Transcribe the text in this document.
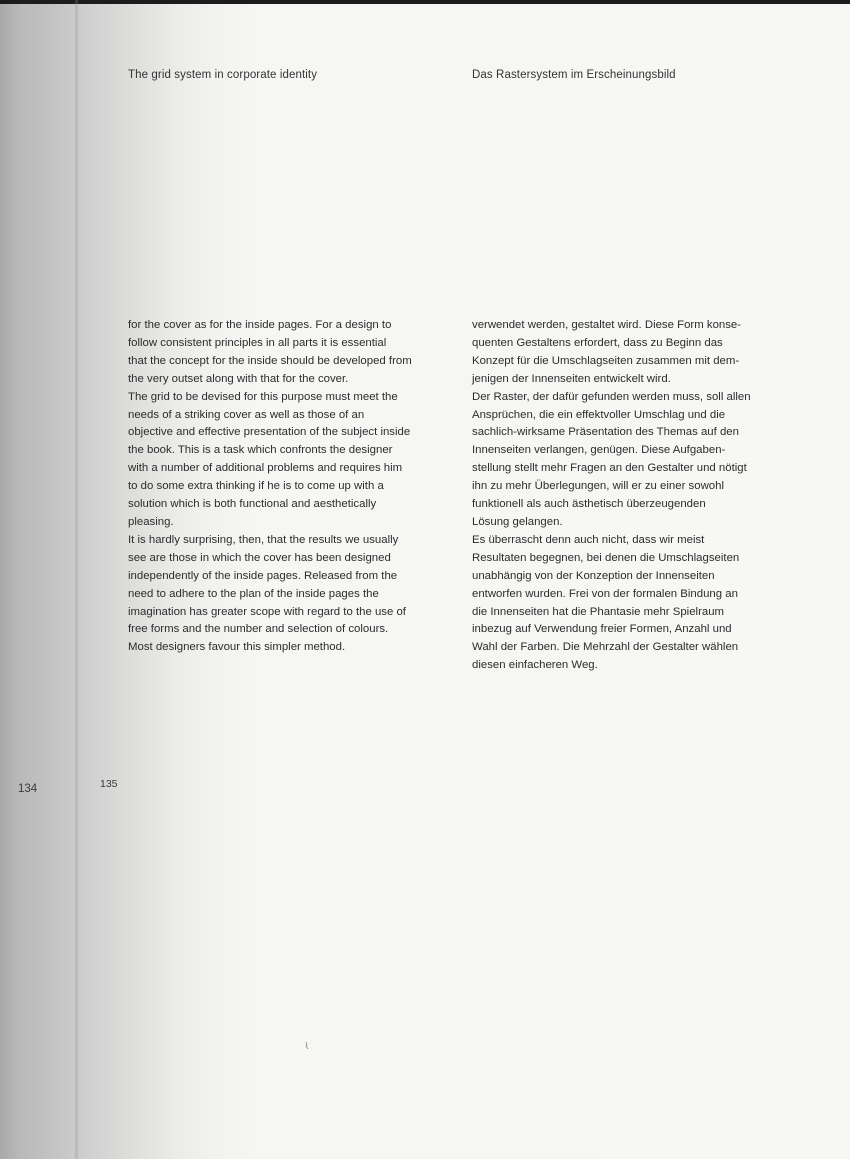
The grid system in corporate identity	Das Rastersystem im Erscheinungsbild

for the cover as for the inside pages. For a design to
follow consistent principles in all parts it is essential
that the concept for the inside should be developed from
the very outset along with that for the cover.

The grid to be devised for this purpose must meet the
needs of a striking cover as well as those of an
objective and effective presentation of the subject inside
the book. This is a task which confronts the designer
with a number of additional problems and requires him
to do some extra thinking if he is to come up with a
solution which is both functional and aesthetically
pleasing.

It is hardly surprising, then, that the results we usually
see are those in which the cover has been designed
independently of the inside pages. Released from the
need to adhere to the plan of the inside pages the
imagination has greater scope with regard to the use of
free forms and the number and selection of colours.
Most designers favour this simpler method.

verwendet werden, gestaltet wird. Diese Form konse-
quenten Gestaltens erfordert, dass zu Beginn das
Konzept für die Umschlagseiten zusammen mit dem-
jenigen der Innenseiten entwickelt wird.

Der Raster, der dafür gefunden werden muss, soll allen
Ansprüchen, die ein effektvoller Umschlag und die
sachlich-wirksame Präsentation des Themas auf den
Innenseiten verlangen, genügen. Diese Aufgaben-
stellung stellt mehr Fragen an den Gestalter und nötigt
ihn zu mehr Überlegungen, will er zu einer sowohl
funktionell als auch ästhetisch überzeugenden
Lösung gelangen.

Es überrascht denn auch nicht, dass wir meist
Resultaten begegnen, bei denen die Umschlagseiten
unabhängig von der Konzeption der Innenseiten
entworfen wurden. Frei von der formalen Bindung an
die Innenseiten hat die Phantasie mehr Spielraum
inbezug auf Verwendung freier Formen, Anzahl und
Wahl der Farben. Die Mehrzahl der Gestalter wählen
diesen einfacheren Weg.

134	135
